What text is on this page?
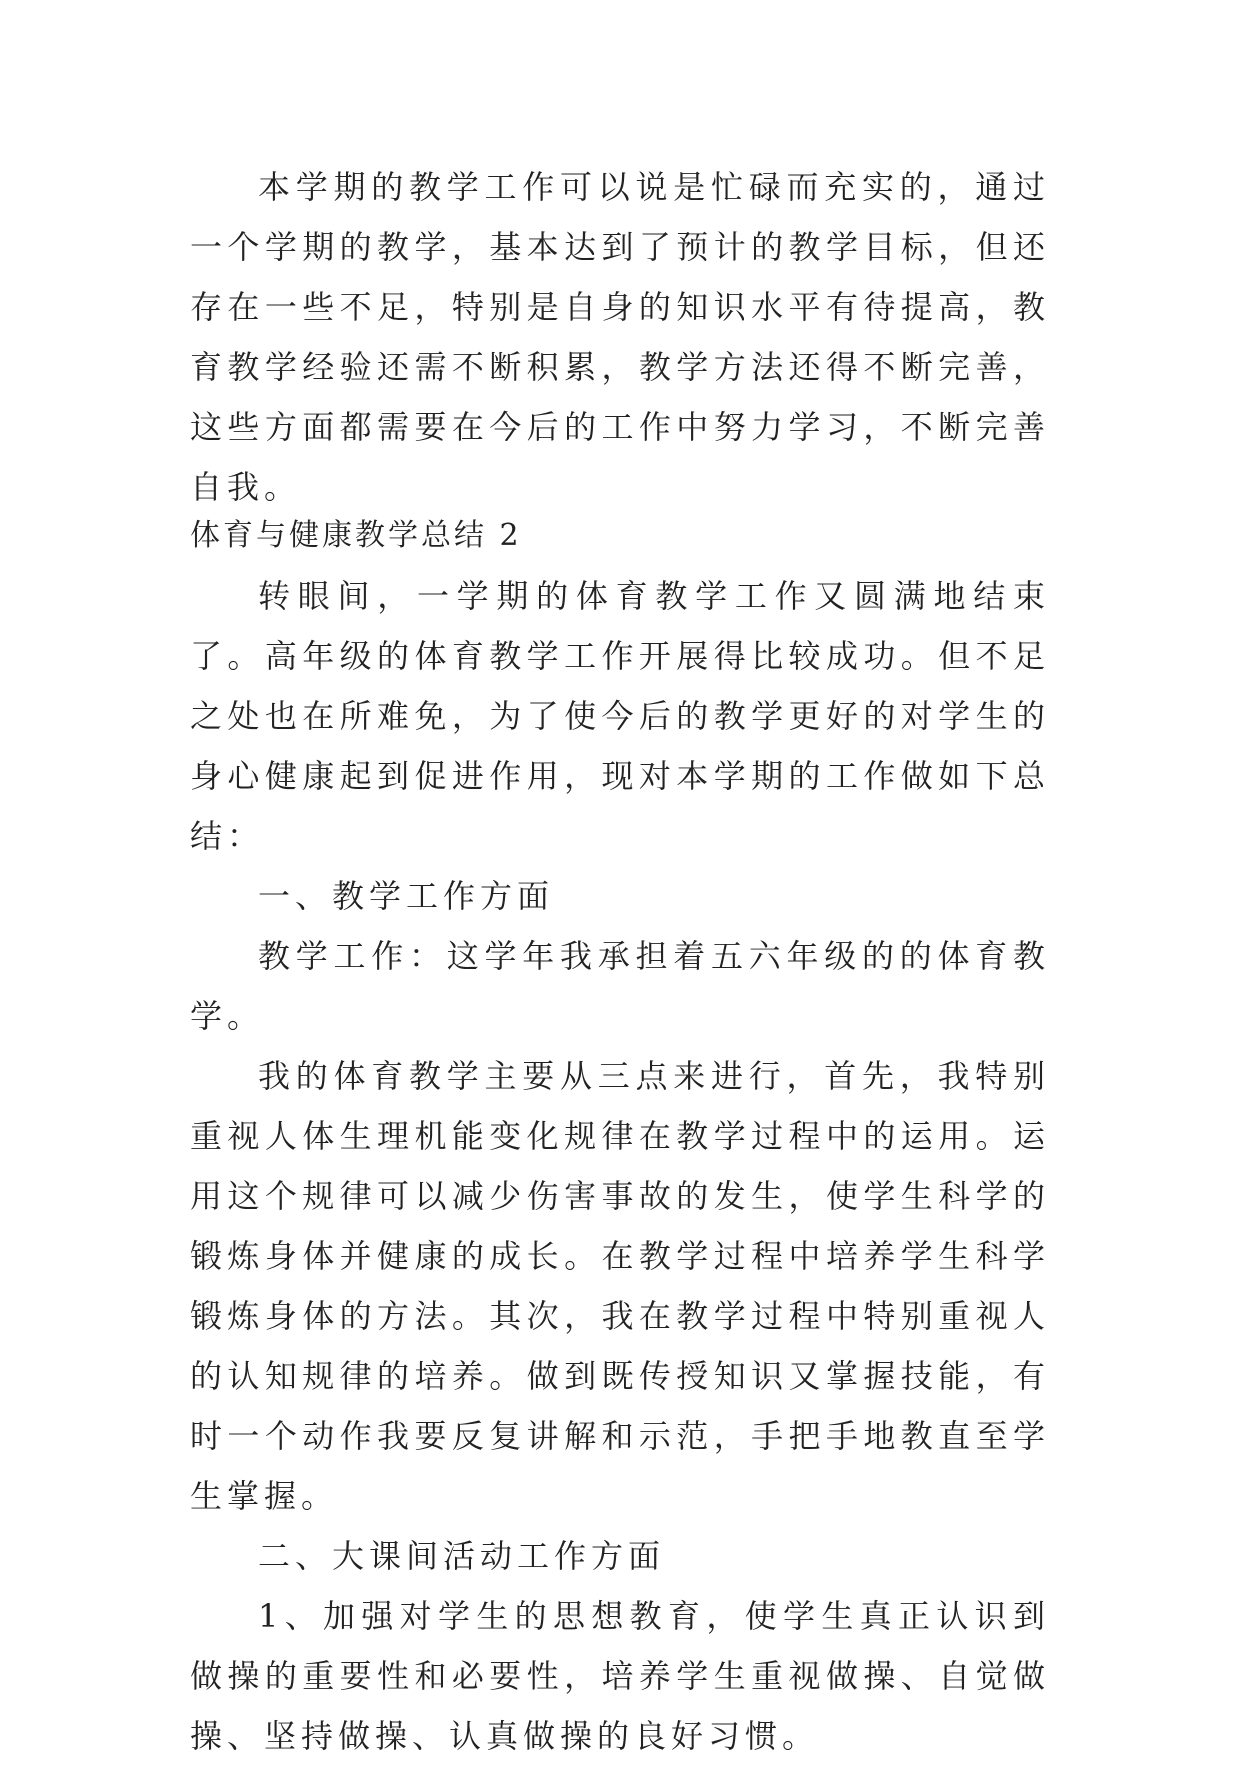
本学期的教学工作可以说是忙碌而充实的，通过一个学期的教学，基本达到了预计的教学目标，但还存在一些不足，特别是自身的知识水平有待提高，教育教学经验还需不断积累，教学方法还得不断完善，这些方面都需要在今后的工作中努力学习，不断完善自我。

体育与健康教学总结 2

转眼间，一学期的体育教学工作又圆满地结束了。高年级的体育教学工作开展得比较成功。但不足之处也在所难免，为了使今后的教学更好的对学生的身心健康起到促进作用，现对本学期的工作做如下总结：

一、教学工作方面

教学工作：这学年我承担着五六年级的的体育教学。

我的体育教学主要从三点来进行，首先，我特别重视人体生理机能变化规律在教学过程中的运用。运用这个规律可以减少伤害事故的发生，使学生科学的锻炼身体并健康的成长。在教学过程中培养学生科学锻炼身体的方法。其次，我在教学过程中特别重视人的认知规律的培养。做到既传授知识又掌握技能，有时一个动作我要反复讲解和示范，手把手地教直至学生掌握。

二、大课间活动工作方面

1、加强对学生的思想教育，使学生真正认识到做操的重要性和必要性，培养学生重视做操、自觉做操、坚持做操、认真做操的良好习惯。
